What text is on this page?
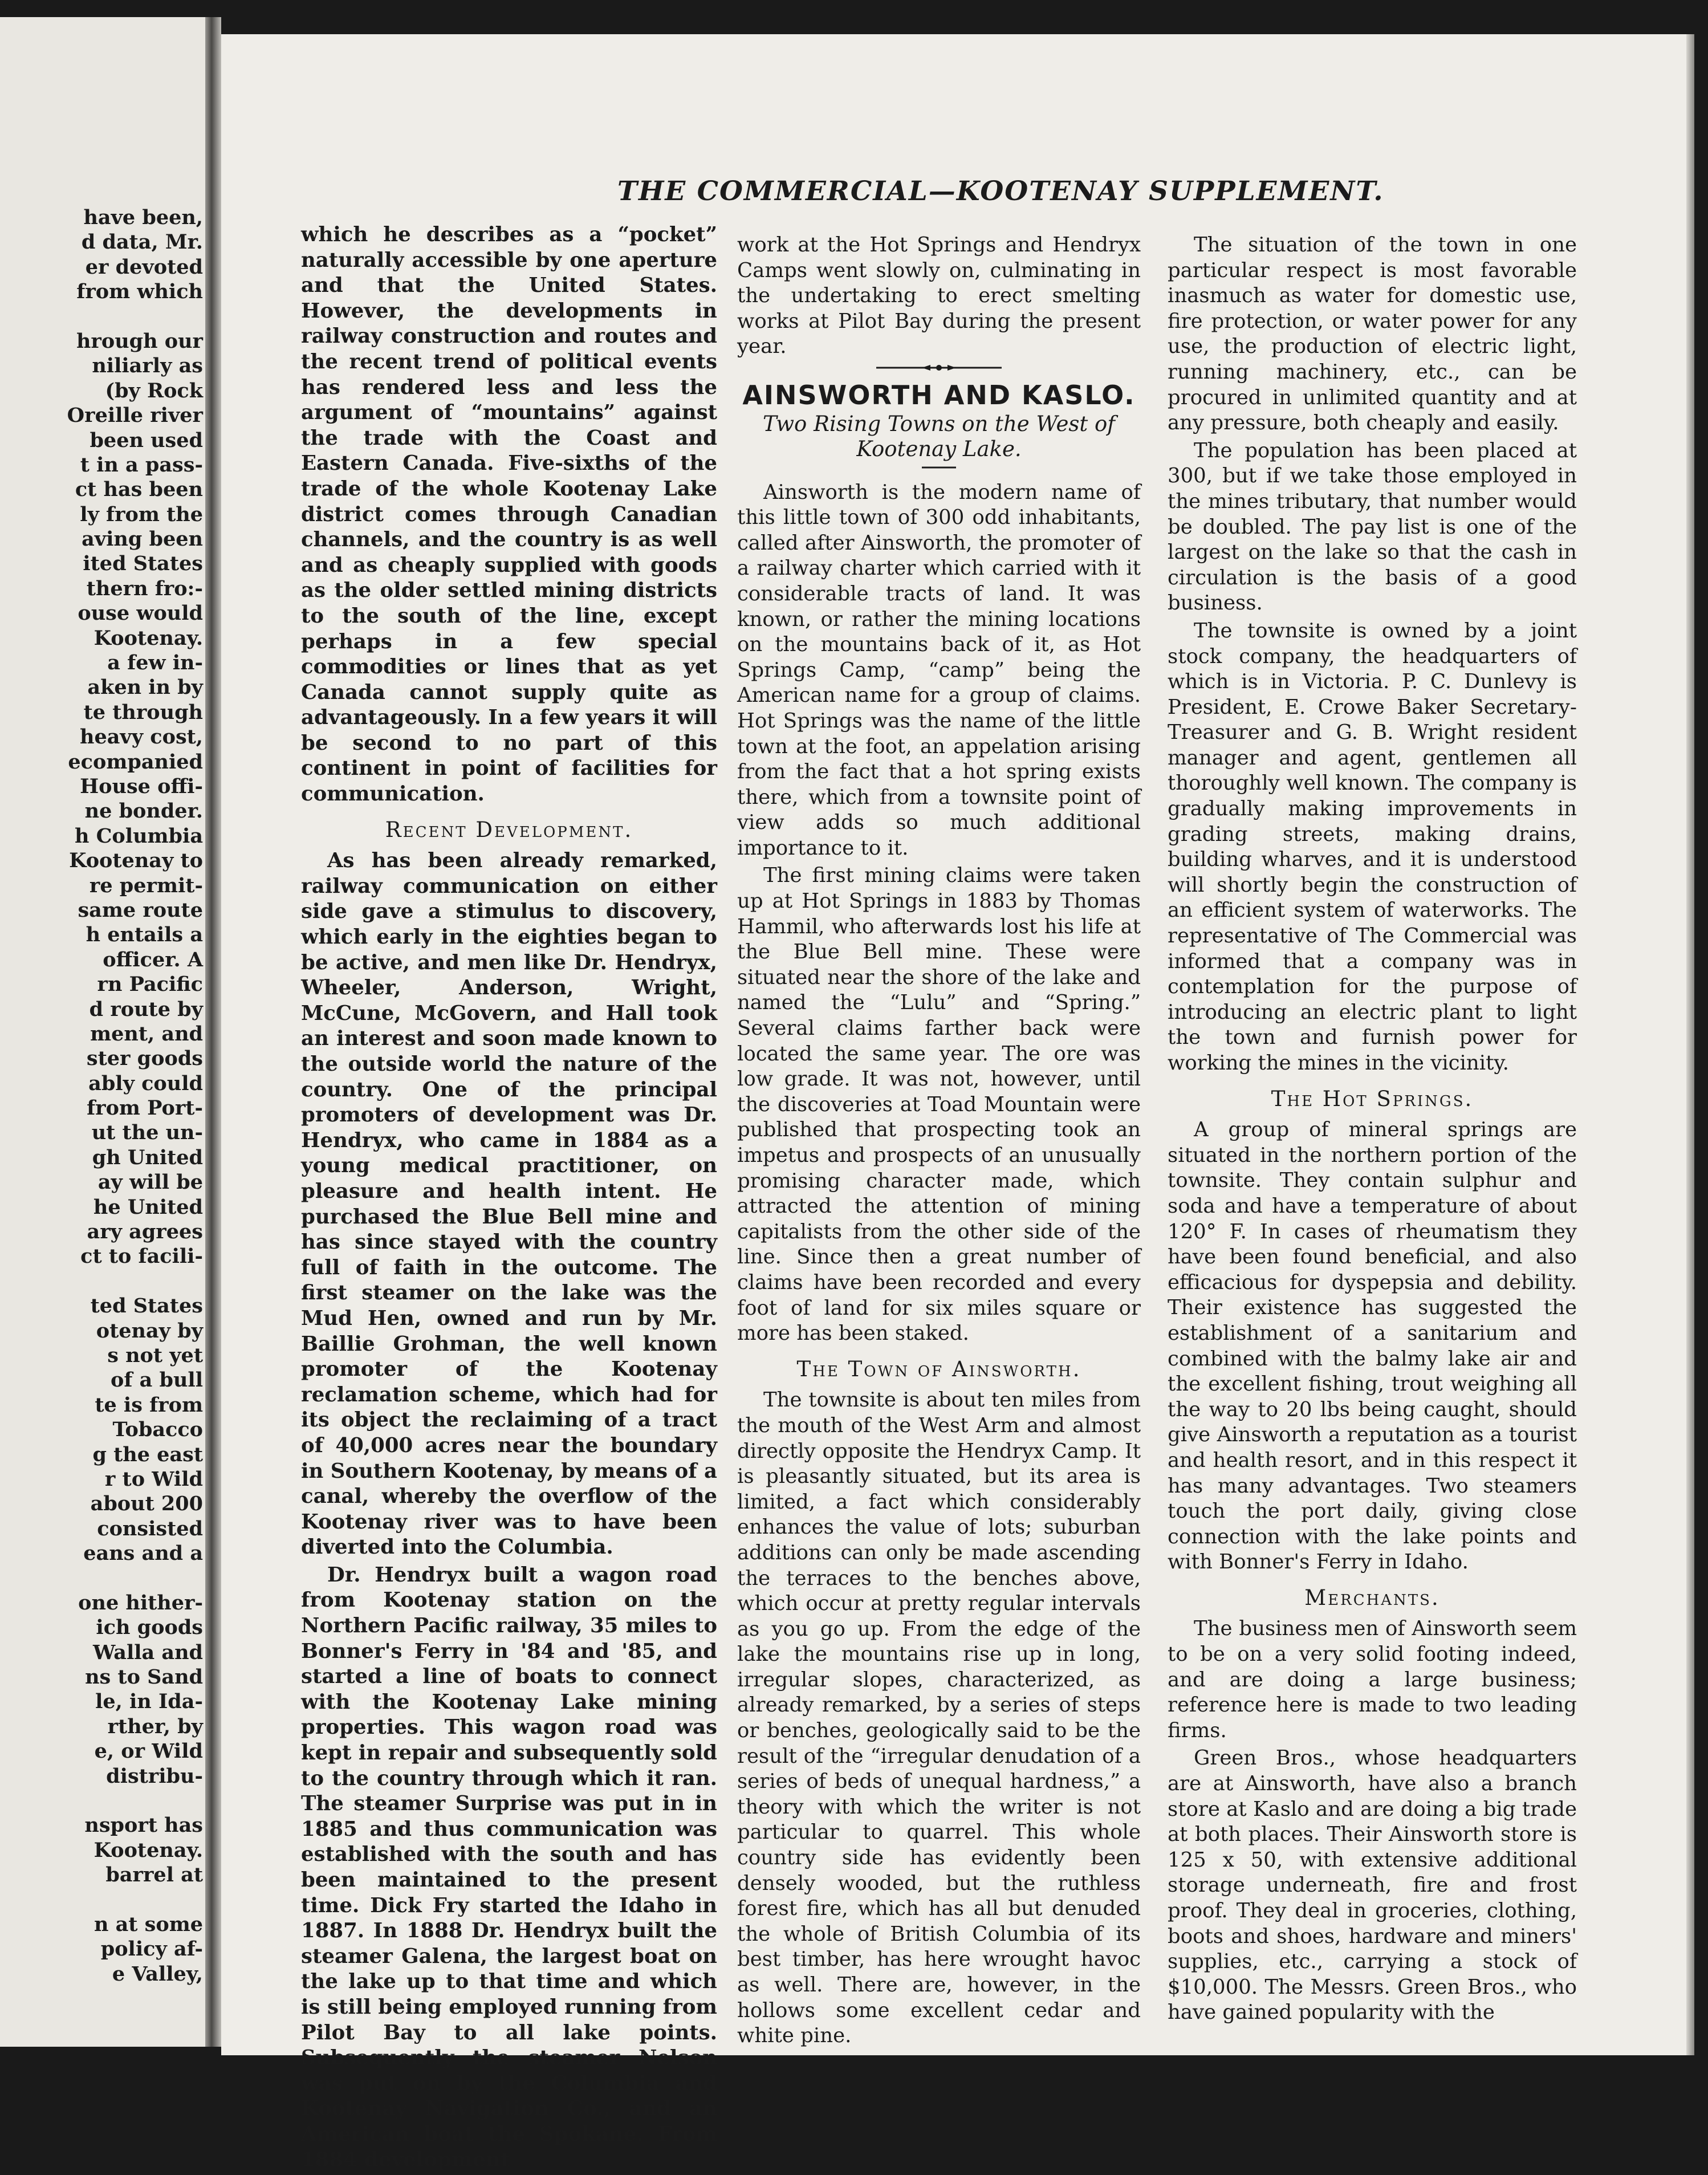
have been,
d data, Mr.
er devoted
from which
hrough our
niliarly as
(by Rock
Oreille river
been used
t in a pass-
ct has been
ly from the
aving been
ited States
thern fro:-
ouse would
Kootenay.
a few in-
aken in by
te through
heavy cost,
ecompanied
House offi-
ne bonder.
h Columbia
Kootenay to
re permit-
same route
h entails a
officer. A
rn Pacific
d route by
ment, and
ster goods
ably could
from Port-
ut the un-
gh United
ay will be
he United
ary agrees
ct to facili-
ted States
otenay by
s not yet
of a bull
te is from
Tobacco
g the east
r to Wild
about 200
consisted
eans and a
one hither-
ich goods
Walla and
ns to Sand
le, in Ida-
rther, by
e, or Wild
distribu-
nsport has
Kootenay.
barrel at
n at some
policy af-
e Valley,
THE COMMERCIAL—KOOTENAY SUPPLEMENT.

which he describes as a “pocket” naturally accessible by one aperture and that the United States. However, the developments in railway construction and routes and the recent trend of political events has rendered less and less the argument of “mountains” against the trade with the Coast and Eastern Canada. Five-sixths of the trade of the whole Kootenay Lake district comes through Canadian channels, and the country is as well and as cheaply supplied with goods as the older settled mining districts to the south of the line, except perhaps in a few special commodities or lines that as yet Canada cannot supply quite as advantageously. In a few years it will be second to no part of this continent in point of facilities for communication.

Recent Development.

As has been already remarked, railway communication on either side gave a stimulus to discovery, which early in the eighties began to be active, and men like Dr. Hendryx, Wheeler, Anderson, Wright, McCune, McGovern, and Hall took an interest and soon made known to the outside world the nature of the country. One of the principal promoters of development was Dr. Hendryx, who came in 1884 as a young medical practitioner, on pleasure and health intent. He purchased the Blue Bell mine and has since stayed with the country full of faith in the outcome. The first steamer on the lake was the Mud Hen, owned and run by Mr. Baillie Grohman, the well known promoter of the Kootenay reclamation scheme, which had for its object the reclaiming of a tract of 40,000 acres near the boundary in Southern Kootenay, by means of a canal, whereby the overflow of the Kootenay river was to have been diverted into the Columbia.

Dr. Hendryx built a wagon road from Kootenay station on the Northern Pacific railway, 35 miles to Bonner's Ferry in '84 and '85, and started a line of boats to connect with the Kootenay Lake mining properties. This wagon road was kept in repair and subsequently sold to the country through which it ran. The steamer Surprise was put in in 1885 and thus communication was established with the south and has been maintained to the present time. Dick Fry started the Idaho in 1887. In 1888 Dr. Hendryx built the steamer Galena, the largest boat on the lake up to that time and which is still being employed running from Pilot Bay to all lake points. Subsequently the steamer Nelson was put on by the Columbia and Kootenay Navigation Co., and an American boat the Spokane. From 1884 development

work at the Hot Springs and Hendryx Camps went slowly on, culminating in the undertaking to erect smelting works at Pilot Bay during the present year.

AINSWORTH AND KASLO.
Two Rising Towns on the West of Kootenay Lake.

Ainsworth is the modern name of this little town of 300 odd inhabitants, called after Ainsworth, the promoter of a railway charter which carried with it considerable tracts of land. It was known, or rather the mining locations on the mountains back of it, as Hot Springs Camp, “camp” being the American name for a group of claims. Hot Springs was the name of the little town at the foot, an appelation arising from the fact that a hot spring exists there, which from a townsite point of view adds so much additional importance to it.

The first mining claims were taken up at Hot Springs in 1883 by Thomas Hammil, who afterwards lost his life at the Blue Bell mine. These were situated near the shore of the lake and named the “Lulu” and “Spring.” Several claims farther back were located the same year. The ore was low grade. It was not, however, until the discoveries at Toad Mountain were published that prospecting took an impetus and prospects of an unusually promising character made, which attracted the attention of mining capitalists from the other side of the line. Since then a great number of claims have been recorded and every foot of land for six miles square or more has been staked.

The Town of Ainsworth.

The townsite is about ten miles from the mouth of the West Arm and almost directly opposite the Hendryx Camp. It is pleasantly situated, but its area is limited, a fact which considerably enhances the value of lots; suburban additions can only be made ascending the terraces to the benches above, which occur at pretty regular intervals as you go up. From the edge of the lake the mountains rise up in long, irregular slopes, characterized, as already remarked, by a series of steps or benches, geologically said to be the result of the “irregular denudation of a series of beds of unequal hardness,” a theory with which the writer is not particular to quarrel. This whole country side has evidently been densely wooded, but the ruthless forest fire, which has all but denuded the whole of British Columbia of its best timber, has here wrought havoc as well. There are, however, in the hollows some excellent cedar and white pine.

The situation of the town in one particular respect is most favorable inasmuch as water for domestic use, fire protection, or water power for any use, the production of electric light, running machinery, etc., can be procured in unlimited quantity and at any pressure, both cheaply and easily.

The population has been placed at 300, but if we take those employed in the mines tributary, that number would be doubled. The pay list is one of the largest on the lake so that the cash in circulation is the basis of a good business.

The townsite is owned by a joint stock company, the headquarters of which is in Victoria. P. C. Dunlevy is President, E. Crowe Baker Secretary-Treasurer and G. B. Wright resident manager and agent, gentlemen all thoroughly well known. The company is gradually making improvements in grading streets, making drains, building wharves, and it is understood will shortly begin the construction of an efficient system of waterworks. The representative of The Commercial was informed that a company was in contemplation for the purpose of introducing an electric plant to light the town and furnish power for working the mines in the vicinity.

The Hot Springs.

A group of mineral springs are situated in the northern portion of the townsite. They contain sulphur and soda and have a temperature of about 120° F. In cases of rheumatism they have been found beneficial, and also efficacious for dyspepsia and debility. Their existence has suggested the establishment of a sanitarium and combined with the balmy lake air and the excellent fishing, trout weighing all the way to 20 lbs being caught, should give Ainsworth a reputation as a tourist and health resort, and in this respect it has many advantages. Two steamers touch the port daily, giving close connection with the lake points and with Bonner's Ferry in Idaho.

Merchants.

The business men of Ainsworth seem to be on a very solid footing indeed, and are doing a large business; reference here is made to two leading firms.

Green Bros., whose headquarters are at Ainsworth, have also a branch store at Kaslo and are doing a big trade at both places. Their Ainsworth store is 125 x 50, with extensive additional storage underneath, fire and frost proof. They deal in groceries, clothing, boots and shoes, hardware and miners' supplies, etc., carrying a stock of $10,000. The Messrs. Green Bros., who have gained popularity with the
